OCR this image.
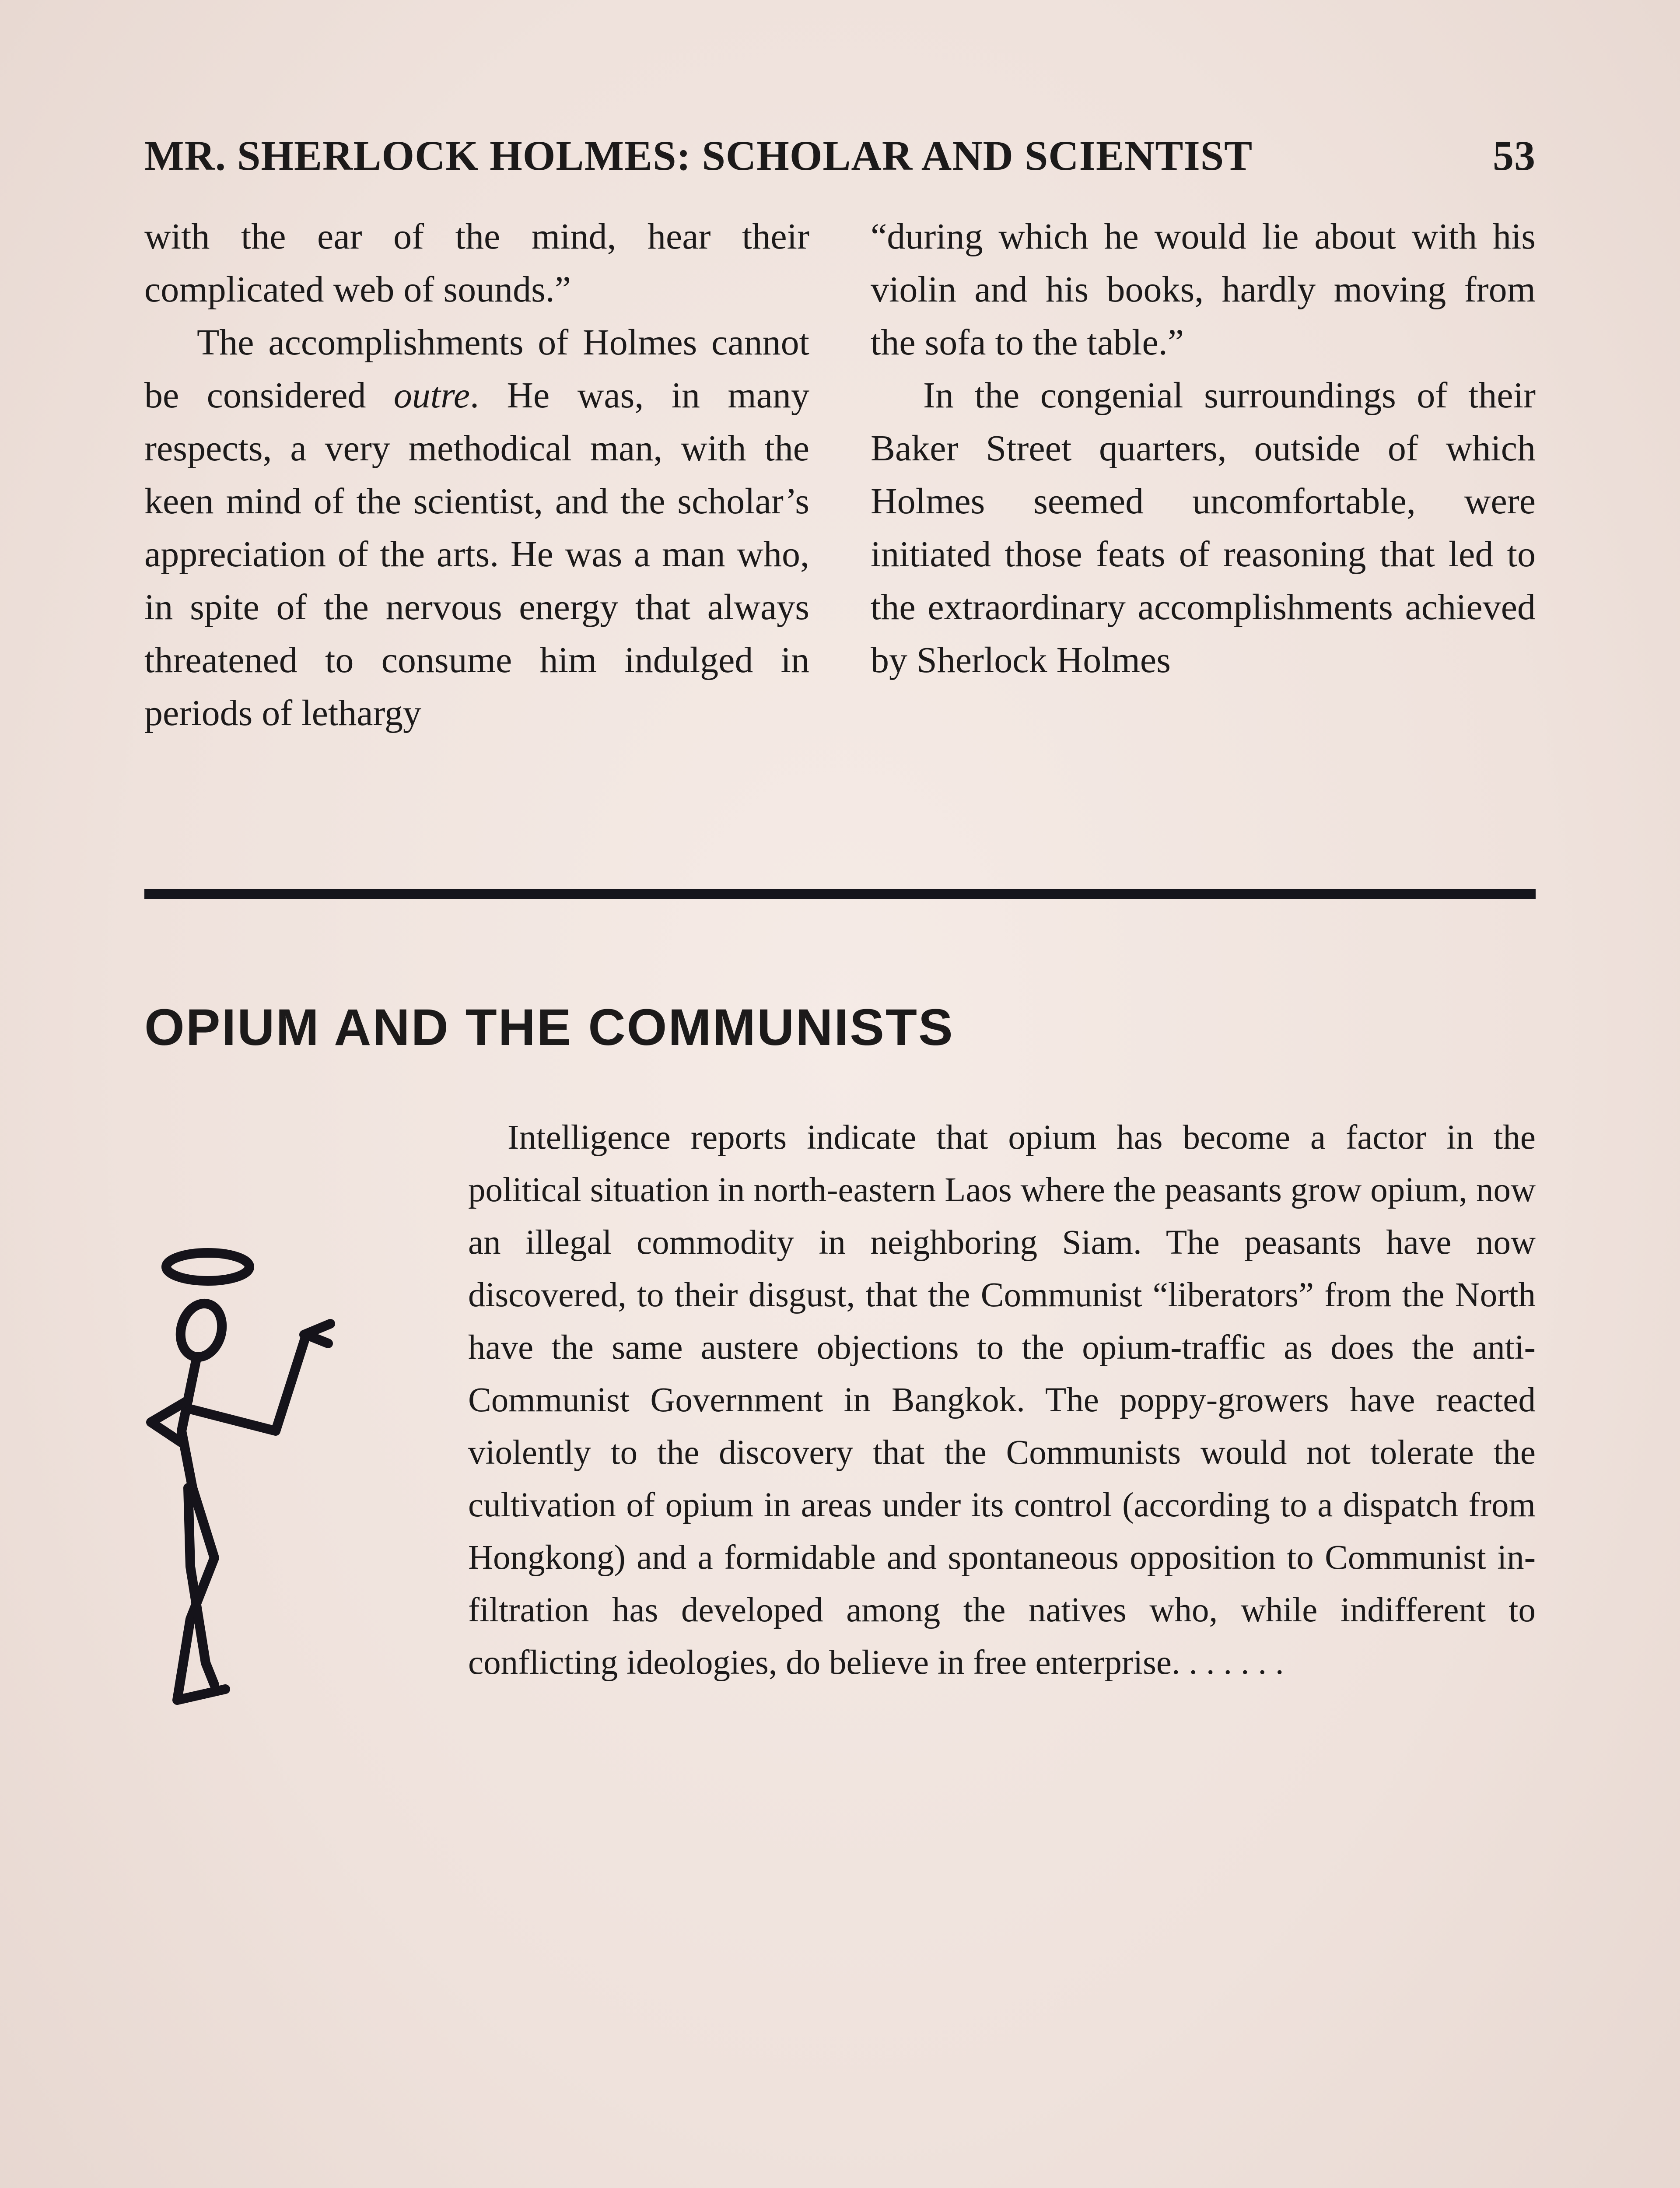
MR. SHERLOCK HOLMES: SCHOLAR AND SCIENTIST	53

with the ear of the mind, hear their complicated web of sounds.”

The accomplishments of Holmes cannot be considered outre. He was, in many respects, a very methodical man, with the keen mind of the scientist, and the scholar’s appreciation of the arts. He was a man who, in spite of the nervous energy that always threatened to consume him indulged in periods of lethargy

“during which he would lie about with his violin and his books, hardly moving from the sofa to the table.”

In the congenial surroundings of their Baker Street quarters, outside of which Holmes seemed uncomfortable, were initiated those feats of reasoning that led to the extraordinary accomplishments achieved by Sherlock Holmes

OPIUM AND THE COMMUNISTS

Intelligence reports indicate that opium has become a factor in the political situation in north-eastern Laos where the peasants grow opium, now an illegal commodity in neighboring Siam. The peasants have now discovered, to their disgust, that the Communist “liberators” from the North have the same austere objections to the opium-traffic as does the anti-Communist Government in Bangkok. The poppy-growers have reacted violently to the discovery that the Communists would not tolerate the cultivation of opium in areas under its control (according to a dispatch from Hongkong) and a formidable and spontaneous opposition to Communist infiltration has developed among the natives who, while indifferent to conflicting ideologies, do believe in free enterprise. . . . . . .
